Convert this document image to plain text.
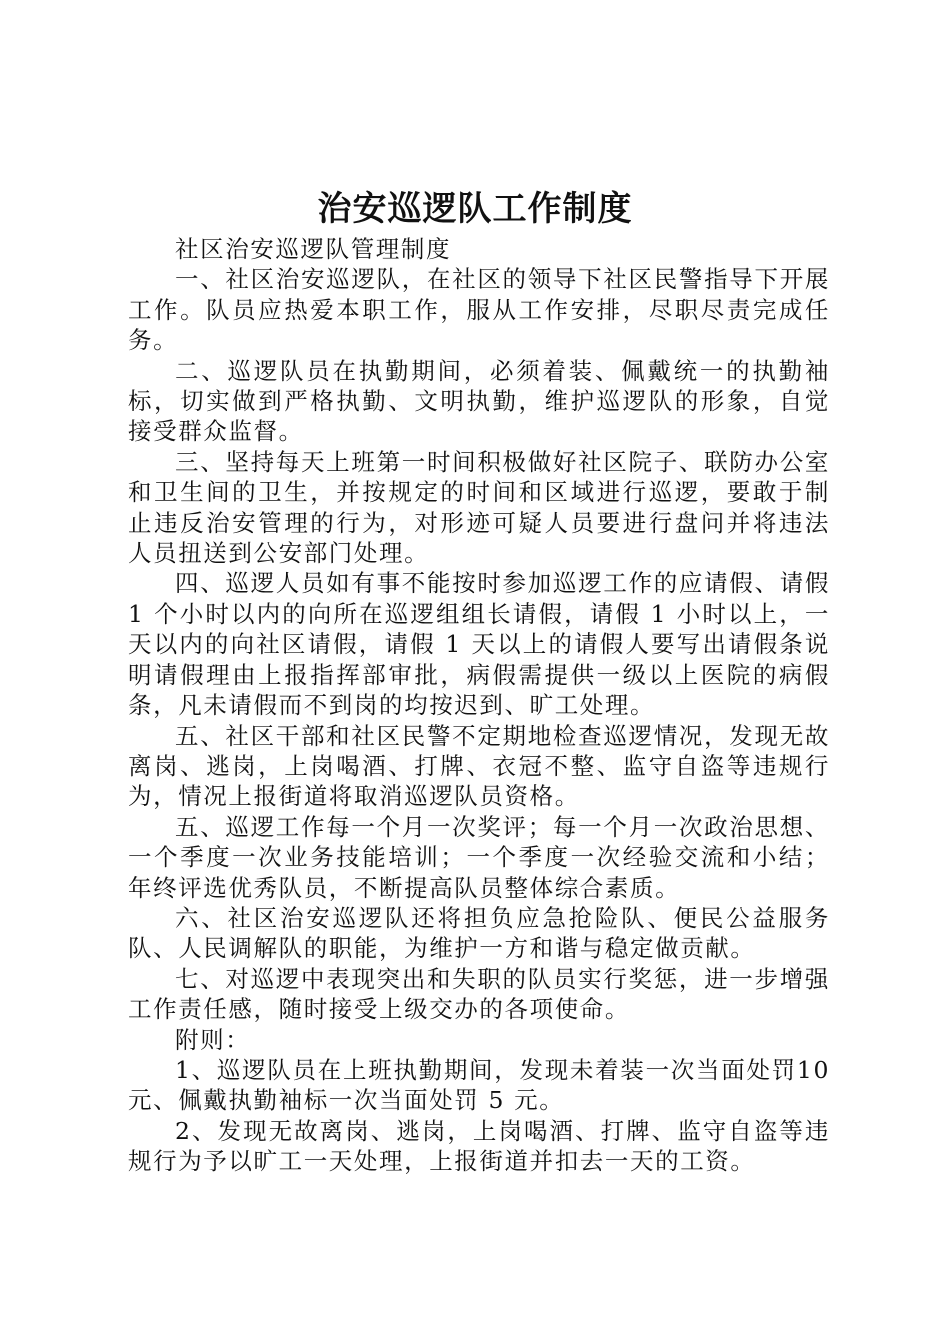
治安巡逻队工作制度

社区治安巡逻队管理制度

一、社区治安巡逻队，在社区的领导下社区民警指导下开展工作。队员应热爱本职工作，服从工作安排，尽职尽责完成任务。

二、巡逻队员在执勤期间，必须着装、佩戴统一的执勤袖标，切实做到严格执勤、文明执勤，维护巡逻队的形象，自觉接受群众监督。

三、坚持每天上班第一时间积极做好社区院子、联防办公室和卫生间的卫生，并按规定的时间和区域进行巡逻，要敢于制止违反治安管理的行为，对形迹可疑人员要进行盘问并将违法人员扭送到公安部门处理。

四、巡逻人员如有事不能按时参加巡逻工作的应请假、请假 1 个小时以内的向所在巡逻组组长请假，请假 1 小时以上，一天以内的向社区请假，请假 1 天以上的请假人要写出请假条说明请假理由上报指挥部审批，病假需提供一级以上医院的病假条，凡未请假而不到岗的均按迟到、旷工处理。

五、社区干部和社区民警不定期地检查巡逻情况，发现无故离岗、逃岗，上岗喝酒、打牌、衣冠不整、监守自盗等违规行为，情况上报街道将取消巡逻队员资格。

五、巡逻工作每一个月一次奖评；每一个月一次政治思想、一个季度一次业务技能培训；一个季度一次经验交流和小结；年终评选优秀队员，不断提高队员整体综合素质。

六、社区治安巡逻队还将担负应急抢险队、便民公益服务队、人民调解队的职能，为维护一方和谐与稳定做贡献。

七、对巡逻中表现突出和失职的队员实行奖惩，进一步增强工作责任感，随时接受上级交办的各项使命。

附则：

1、巡逻队员在上班执勤期间，发现未着装一次当面处罚10 元、佩戴执勤袖标一次当面处罚 5 元。

2、发现无故离岗、逃岗，上岗喝酒、打牌、监守自盗等违规行为予以旷工一天处理，上报街道并扣去一天的工资。
